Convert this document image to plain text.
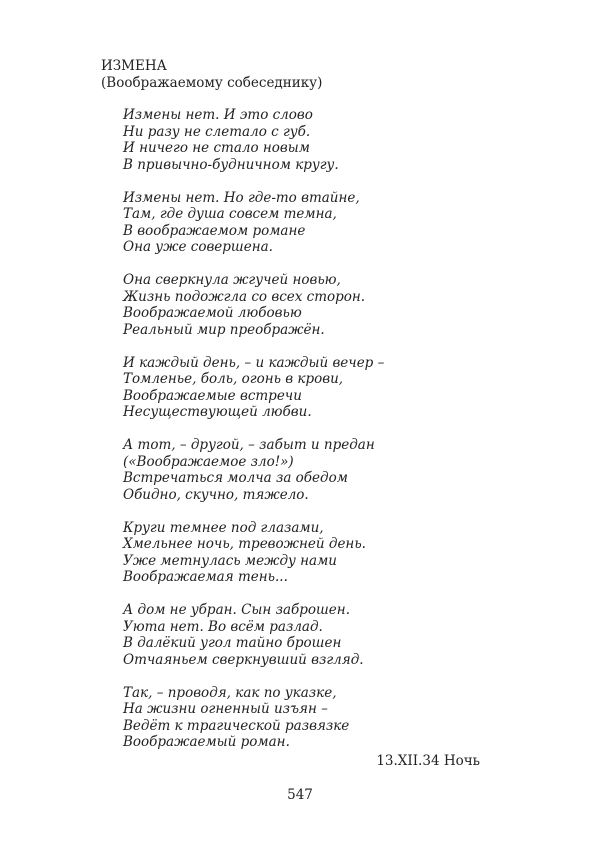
ИЗМЕНА
(Воображаемому собеседнику)
Измены нет. И это слово
Ни разу не слетало с губ.
И ничего не стало новым
В привычно-будничном кругу.
Измены нет. Но где-то втайне,
Там, где душа совсем темна,
В воображаемом романе
Она уже совершена.
Она сверкнула жгучей новью,
Жизнь подожгла со всех сторон.
Воображаемой любовью
Реальный мир преображён.
И каждый день, – и каждый вечер –
Томленье, боль, огонь в крови,
Воображаемые встречи
Несуществующей любви.
А тот, – другой, – забыт и предан
(«Воображаемое зло!»)
Встречаться молча за обедом
Обидно, скучно, тяжело.
Круги темнее под глазами,
Хмельнее ночь, тревожней день.
Уже метнулась между нами
Воображаемая тень...
А дом не убран. Сын заброшен.
Уюта нет. Во всём разлад.
В далёкий угол тайно брошен
Отчаяньем сверкнувший взгляд.
Так, – проводя, как по указке,
На жизни огненный изъян –
Ведёт к трагической развязке
Воображаемый роман.
13.XII.34 Ночь
547
